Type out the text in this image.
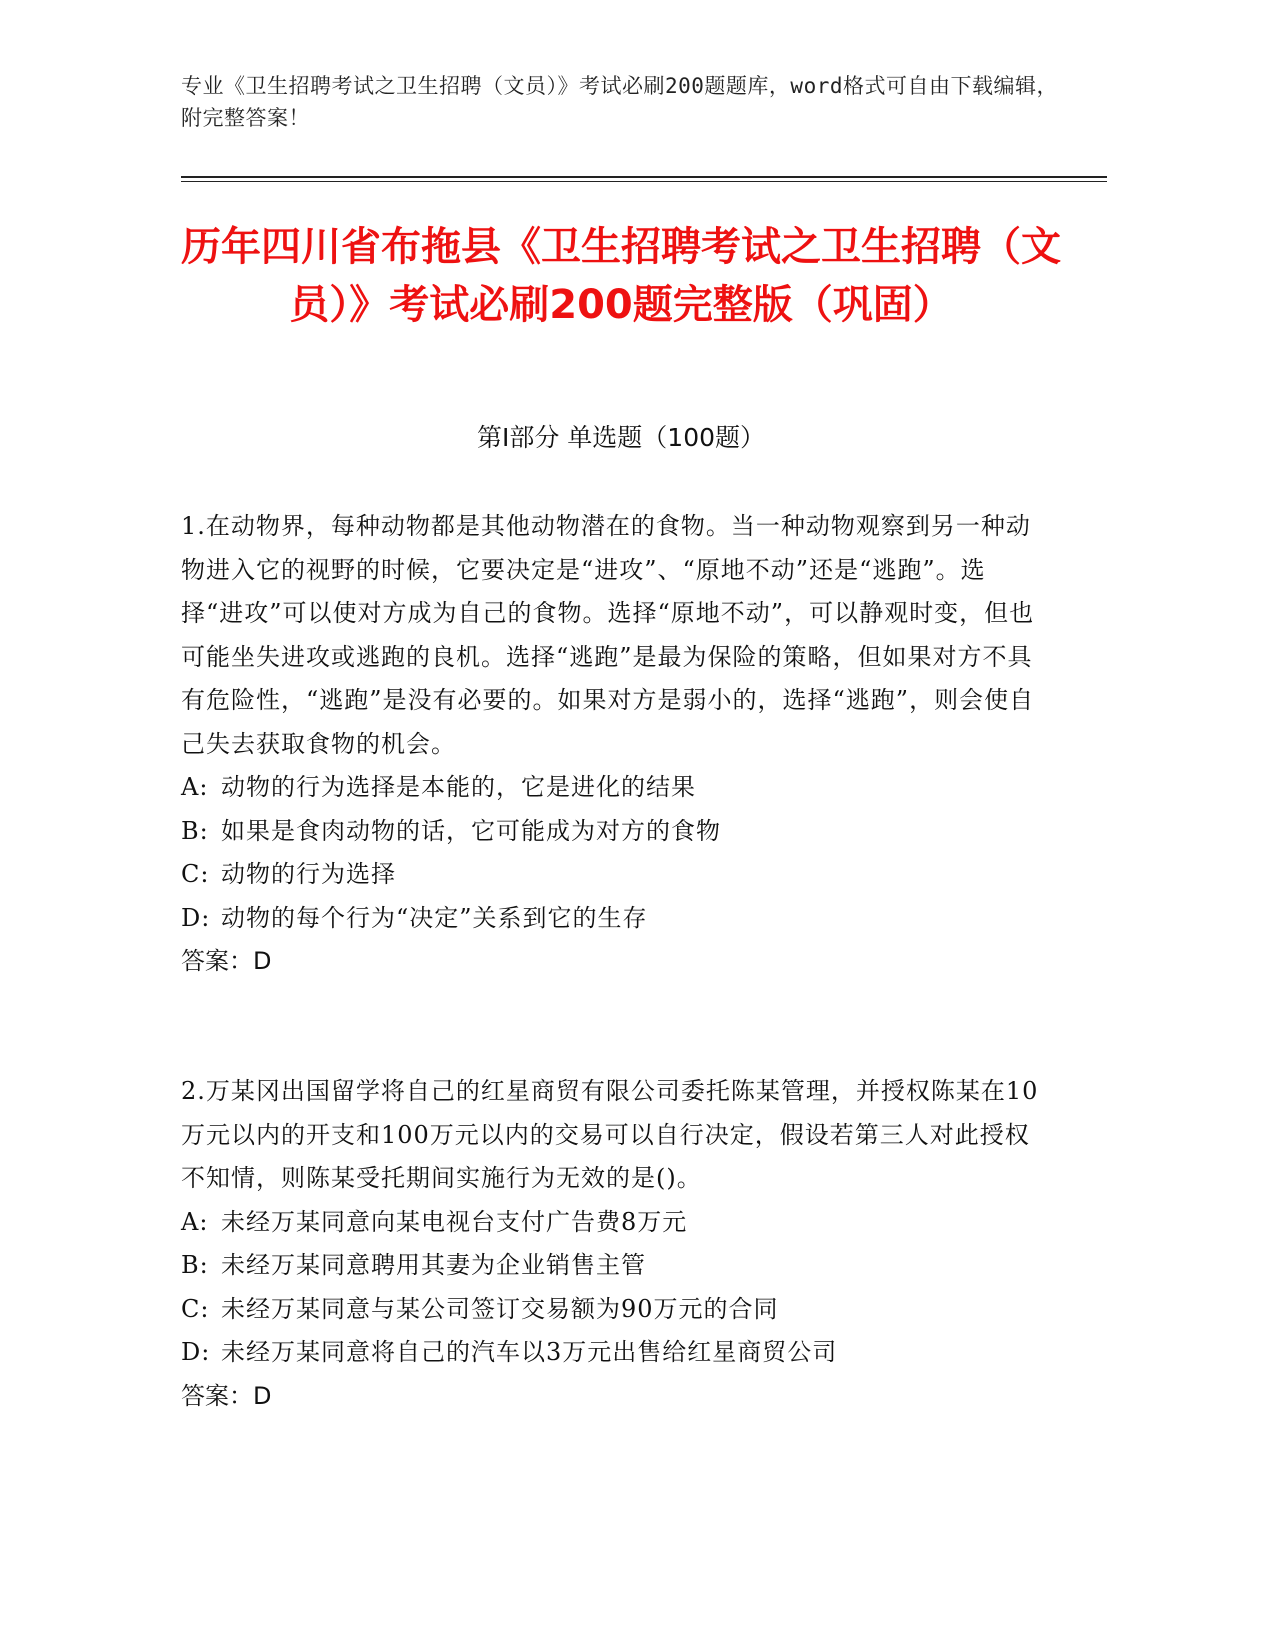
专业《卫生招聘考试之卫生招聘（文员）》考试必刷200题题库，word格式可自由下载编辑，附完整答案！
历年四川省布拖县《卫生招聘考试之卫生招聘（文员）》考试必刷200题完整版（巩固）
第Ⅰ部分 单选题（100题）

1.在动物界，每种动物都是其他动物潜在的食物。当一种动物观察到另一种动物进入它的视野的时候，它要决定是“进攻”、“原地不动”还是“逃跑”。选择“进攻”可以使对方成为自己的食物。选择“原地不动”，可以静观时变，但也可能坐失进攻或逃跑的良机。选择“逃跑”是最为保险的策略，但如果对方不具有危险性，“逃跑”是没有必要的。如果对方是弱小的，选择“逃跑”，则会使自己失去获取食物的机会。

A: 动物的行为选择是本能的，它是进化的结果

B: 如果是食肉动物的话，它可能成为对方的食物

C: 动物的行为选择

D: 动物的每个行为“决定”关系到它的生存

答案：D

2.万某冈出国留学将自己的红星商贸有限公司委托陈某管理，并授权陈某在10万元以内的开支和100万元以内的交易可以自行决定，假设若第三人对此授权不知情，则陈某受托期间实施行为无效的是()。

A: 未经万某同意向某电视台支付广告费8万元

B: 未经万某同意聘用其妻为企业销售主管

C: 未经万某同意与某公司签订交易额为90万元的合同

D: 未经万某同意将自己的汽车以3万元出售给红星商贸公司

答案：D
